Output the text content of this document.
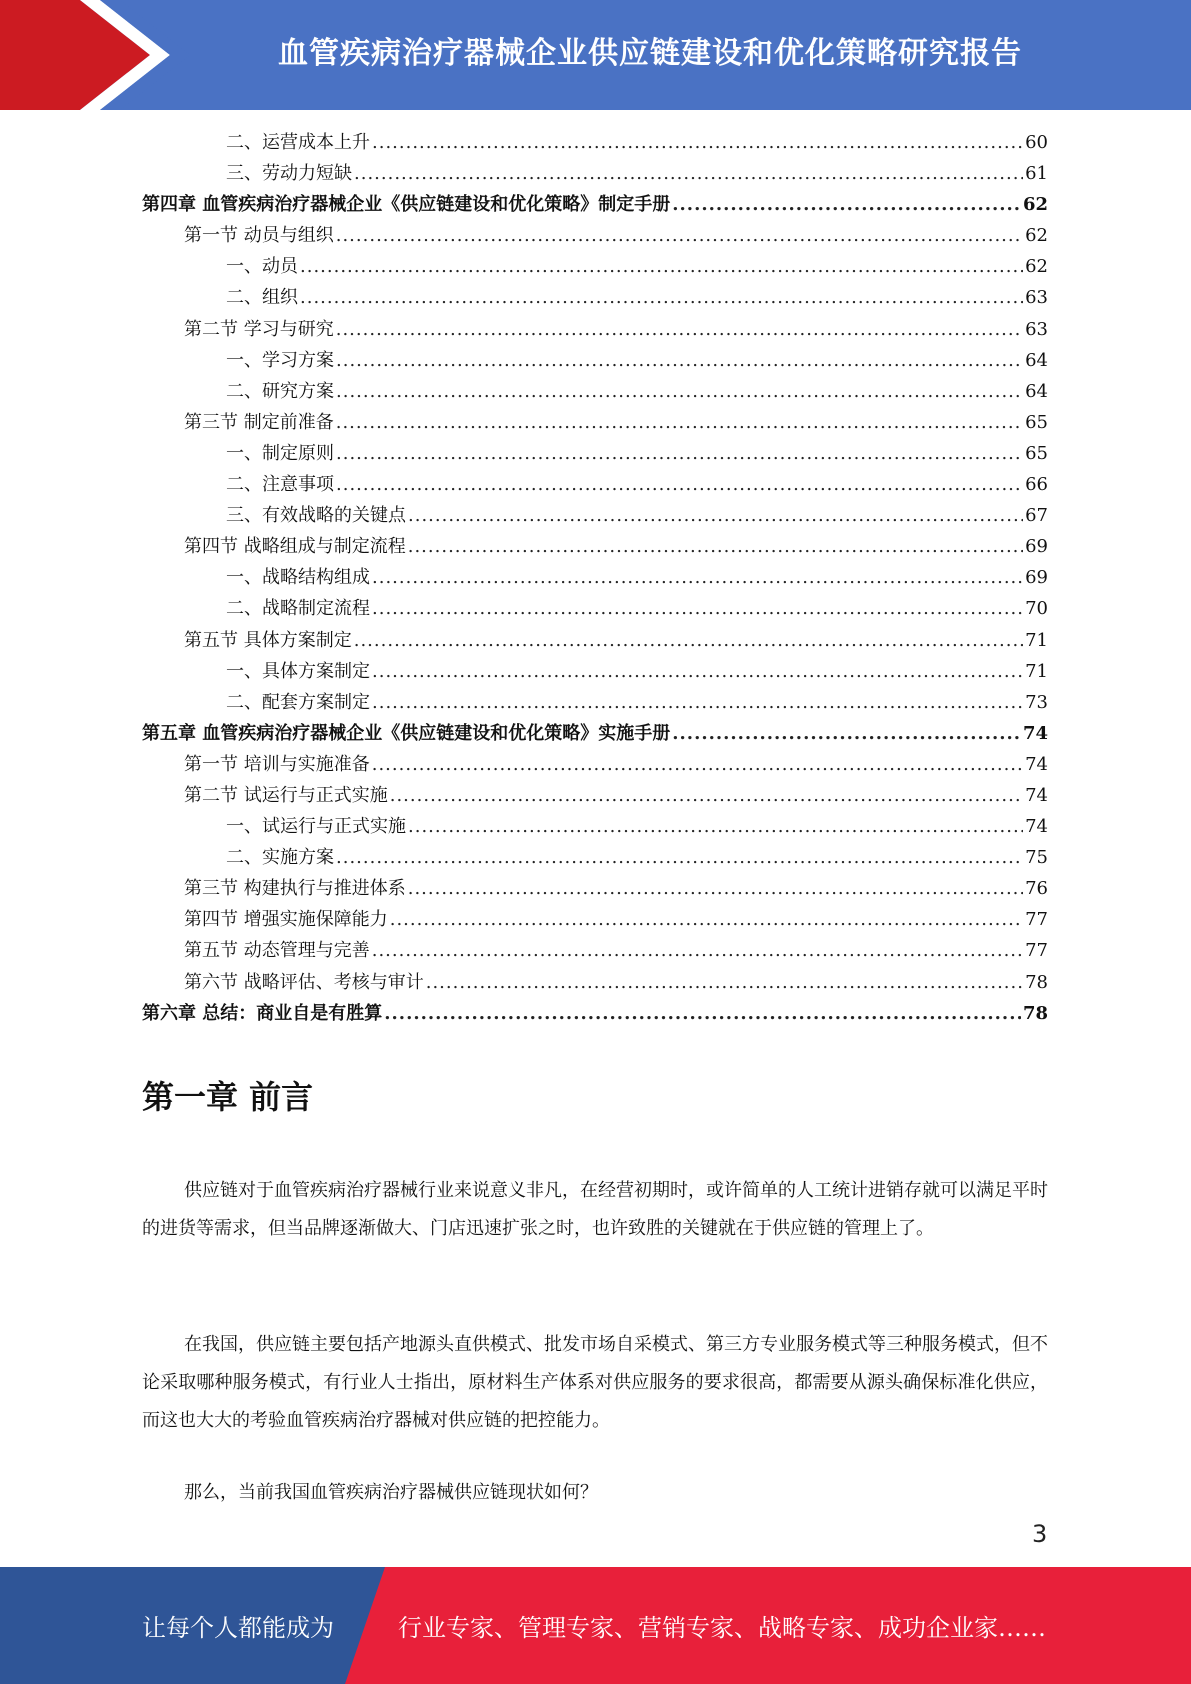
血管疾病治疗器械企业供应链建设和优化策略研究报告
二、运营成本上升 .....	60
三、劳动力短缺 .....	61
第四章 血管疾病治疗器械企业《供应链建设和优化策略》制定手册 .....	62
第一节 动员与组织 .....	62
一、动员 .....	62
二、组织 .....	63
第二节 学习与研究 .....	63
一、学习方案 .....	64
二、研究方案 .....	64
第三节 制定前准备 .....	65
一、制定原则 .....	65
二、注意事项 .....	66
三、有效战略的关键点 .....	67
第四节 战略组成与制定流程 .....	69
一、战略结构组成 .....	69
二、战略制定流程 .....	70
第五节 具体方案制定 .....	71
一、具体方案制定 .....	71
二、配套方案制定 .....	73
第五章 血管疾病治疗器械企业《供应链建设和优化策略》实施手册 .....	74
第一节 培训与实施准备 .....	74
第二节 试运行与正式实施 .....	74
一、试运行与正式实施 .....	74
二、实施方案 .....	75
第三节 构建执行与推进体系 .....	76
第四节 增强实施保障能力 .....	77
第五节 动态管理与完善 .....	77
第六节 战略评估、考核与审计 .....	78
第六章 总结：商业自是有胜算 .....	78
第一章 前言

供应链对于血管疾病治疗器械行业来说意义非凡，在经营初期时，或许简单的人工统计进销存就可以满足平时的进货等需求，但当品牌逐渐做大、门店迅速扩张之时，也许致胜的关键就在于供应链的管理上了。

在我国，供应链主要包括产地源头直供模式、批发市场自采模式、第三方专业服务模式等三种服务模式，但不论采取哪种服务模式，有行业人士指出，原材料生产体系对供应服务的要求很高，都需要从源头确保标准化供应，而这也大大的考验血管疾病治疗器械对供应链的把控能力。

那么，当前我国血管疾病治疗器械供应链现状如何？

3
让每个人都能成为	行业专家、管理专家、营销专家、战略专家、成功企业家……
